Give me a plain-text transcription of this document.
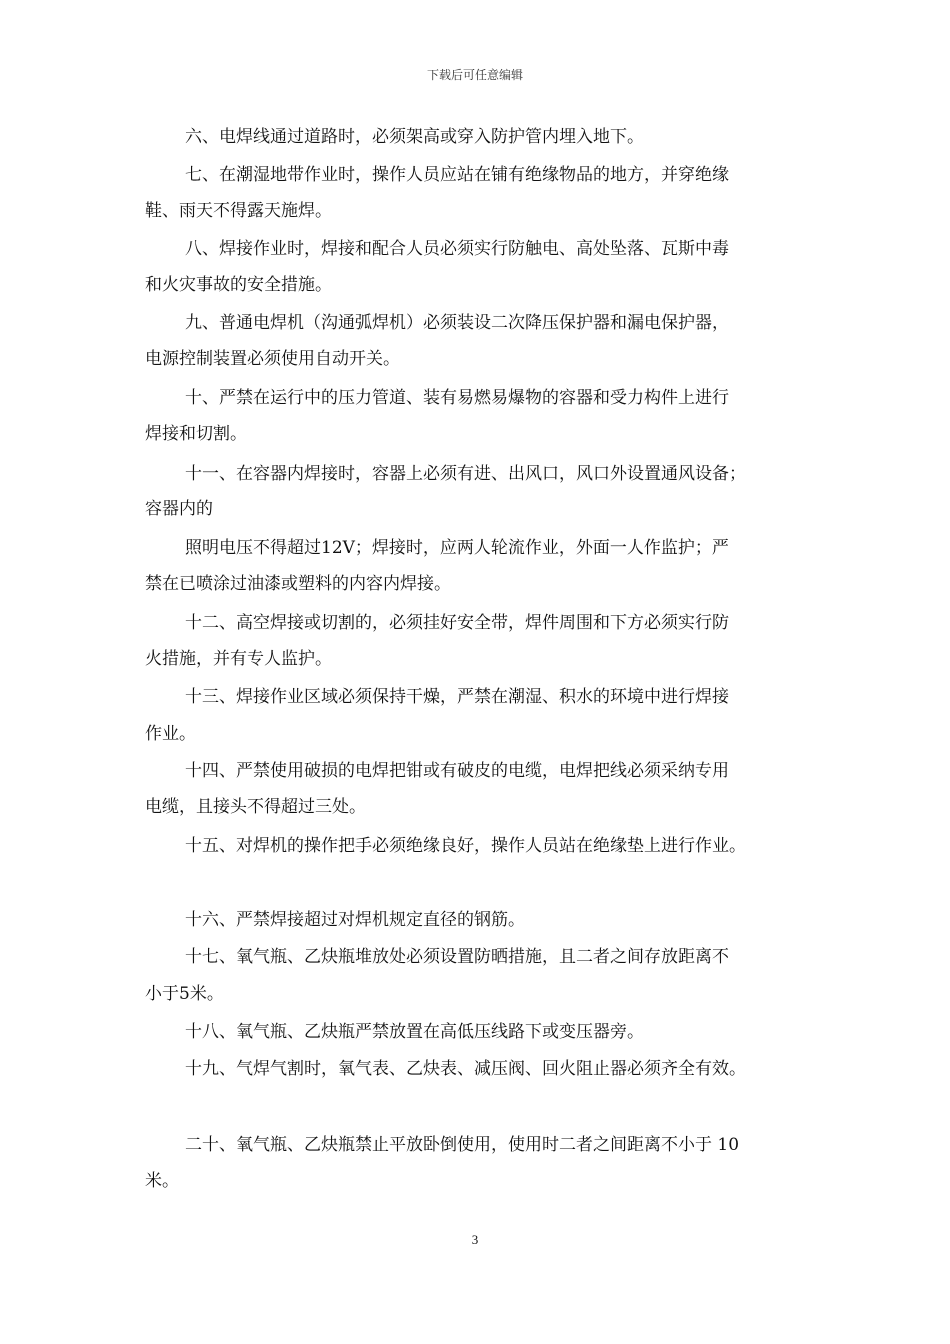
下载后可任意编辑
六、电焊线通过道路时，必须架高或穿入防护管内埋入地下。
七、在潮湿地带作业时，操作人员应站在铺有绝缘物品的地方，并穿绝缘
鞋、雨天不得露天施焊。
八、焊接作业时，焊接和配合人员必须实行防触电、高处坠落、瓦斯中毒
和火灾事故的安全措施。
九、普通电焊机（沟通弧焊机）必须装设二次降压保护器和漏电保护器，
电源控制装置必须使用自动开关。
十、严禁在运行中的压力管道、装有易燃易爆物的容器和受力构件上进行
焊接和切割。
十一、在容器内焊接时，容器上必须有进、出风口，风口外设置通风设备；
容器内的
照明电压不得超过12V；焊接时，应两人轮流作业，外面一人作监护；严
禁在已喷涂过油漆或塑料的内容内焊接。
十二、高空焊接或切割的，必须挂好安全带，焊件周围和下方必须实行防
火措施，并有专人监护。
十三、焊接作业区域必须保持干燥，严禁在潮湿、积水的环境中进行焊接
作业。
十四、严禁使用破损的电焊把钳或有破皮的电缆，电焊把线必须采纳专用
电缆，且接头不得超过三处。
十五、对焊机的操作把手必须绝缘良好，操作人员站在绝缘垫上进行作业。
十六、严禁焊接超过对焊机规定直径的钢筋。
十七、氧气瓶、乙炔瓶堆放处必须设置防晒措施，且二者之间存放距离不
小于5米。
十八、氧气瓶、乙炔瓶严禁放置在高低压线路下或变压器旁。
十九、气焊气割时，氧气表、乙炔表、减压阀、回火阻止器必须齐全有效。
二十、氧气瓶、乙炔瓶禁止平放卧倒使用，使用时二者之间距离不小于 10
米。
3
